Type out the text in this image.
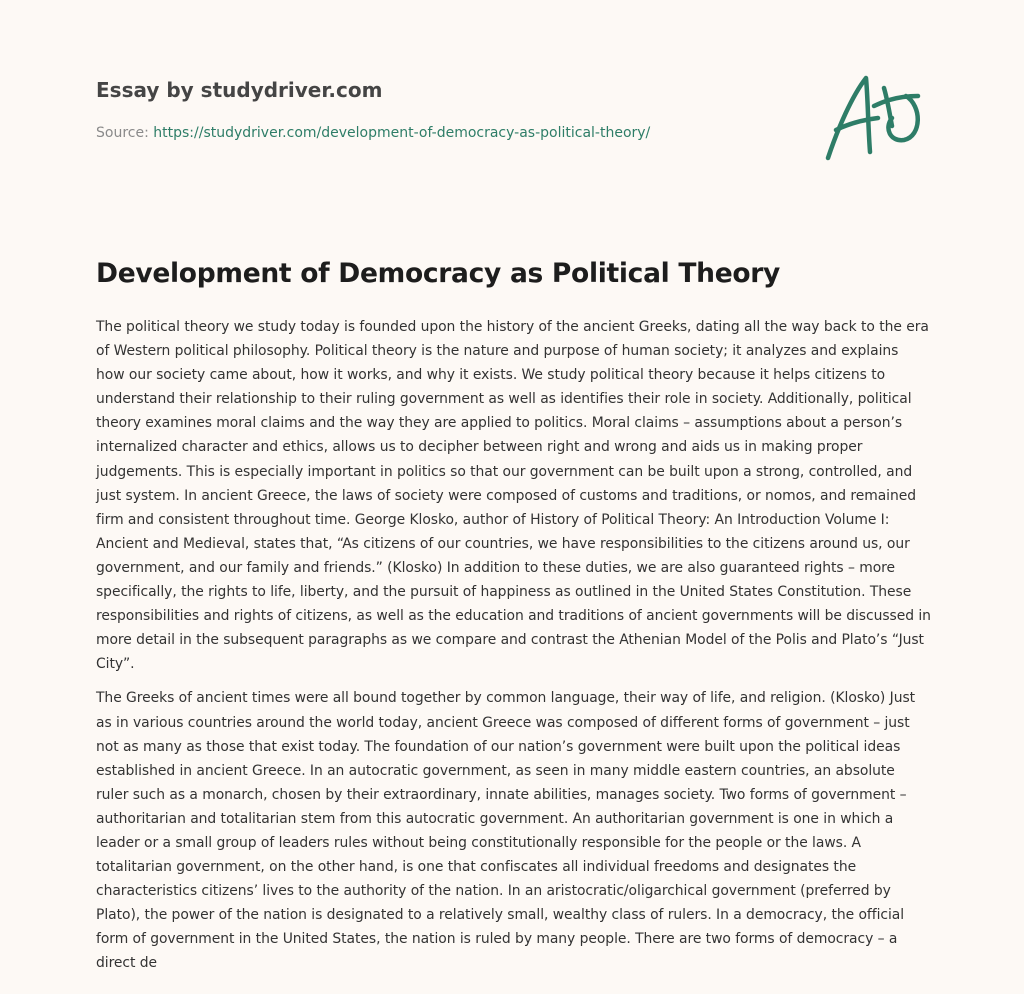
Essay by studydriver.com
Source: https://studydriver.com/development-of-democracy-as-political-theory/
Development of Democracy as Political Theory

The political theory we study today is founded upon the history of the ancient Greeks, dating all the way back to the era of Western political philosophy. Political theory is the nature and purpose of human society; it analyzes and explains how our society came about, how it works, and why it exists. We study political theory because it helps citizens to understand their relationship to their ruling government as well as identifies their role in society. Additionally, political theory examines moral claims and the way they are applied to politics. Moral claims – assumptions about a person’s internalized character and ethics, allows us to decipher between right and wrong and aids us in making proper judgements. This is especially important in politics so that our government can be built upon a strong, controlled, and just system. In ancient Greece, the laws of society were composed of customs and traditions, or nomos, and remained firm and consistent throughout time. George Klosko, author of History of Political Theory: An Introduction Volume I: Ancient and Medieval, states that, “As citizens of our countries, we have responsibilities to the citizens around us, our government, and our family and friends.” (Klosko) In addition to these duties, we are also guaranteed rights – more specifically, the rights to life, liberty, and the pursuit of happiness as outlined in the United States Constitution. These responsibilities and rights of citizens, as well as the education and traditions of ancient governments will be discussed in more detail in the subsequent paragraphs as we compare and contrast the Athenian Model of the Polis and Plato’s “Just City”.

The Greeks of ancient times were all bound together by common language, their way of life, and religion. (Klosko) Just as in various countries around the world today, ancient Greece was composed of different forms of government – just not as many as those that exist today. The foundation of our nation’s government were built upon the political ideas established in ancient Greece. In an autocratic government, as seen in many middle eastern countries, an absolute ruler such as a monarch, chosen by their extraordinary, innate abilities, manages society. Two forms of government – authoritarian and totalitarian stem from this autocratic government. An authoritarian government is one in which a leader or a small group of leaders rules without being constitutionally responsible for the people or the laws. A totalitarian government, on the other hand, is one that confiscates all individual freedoms and designates the characteristics citizens’ lives to the authority of the nation. In an aristocratic/oligarchical government (preferred by Plato), the power of the nation is designated to a relatively small, wealthy class of rulers. In a democracy, the official form of government in the United States, the nation is ruled by many people. There are two forms of democracy – a direct de
